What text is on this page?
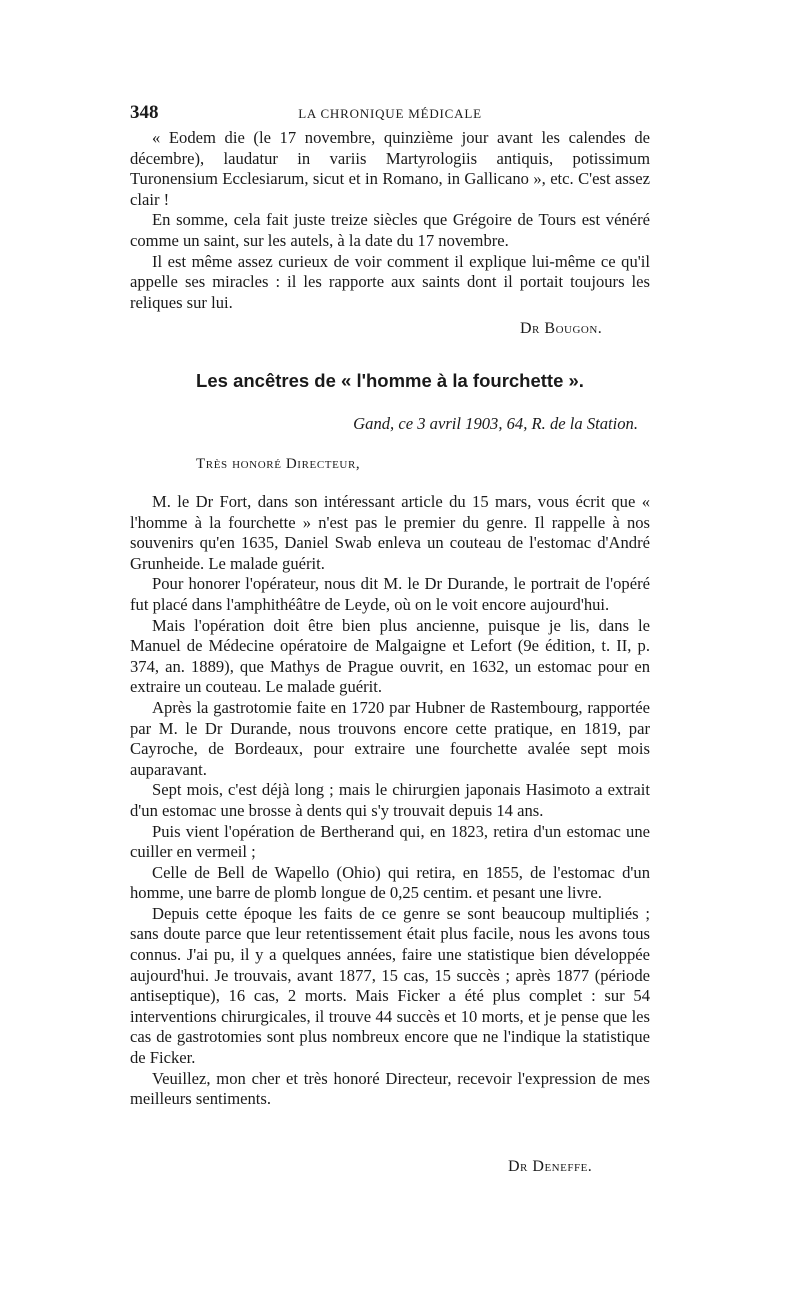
348	LA CHRONIQUE MÉDICALE

« Eodem die (le 17 novembre, quinzième jour avant les calendes de décembre), laudatur in variis Martyrologiis antiquis, potissimum Turonensium Ecclesiarum, sicut et in Romano, in Gallicano », etc. C'est assez clair !

En somme, cela fait juste treize siècles que Grégoire de Tours est vénéré comme un saint, sur les autels, à la date du 17 novembre.

Il est même assez curieux de voir comment il explique lui-même ce qu'il appelle ses miracles : il les rapporte aux saints dont il portait toujours les reliques sur lui.

Dr Bougon.
Les ancêtres de « l'homme à la fourchette ».
Gand, ce 3 avril 1903, 64, R. de la Station.
Très honoré Directeur,

M. le Dr Fort, dans son intéressant article du 15 mars, vous écrit que « l'homme à la fourchette » n'est pas le premier du genre. Il rappelle à nos souvenirs qu'en 1635, Daniel Swab enleva un couteau de l'estomac d'André Grunheide. Le malade guérit.

Pour honorer l'opérateur, nous dit M. le Dr Durande, le portrait de l'opéré fut placé dans l'amphithéâtre de Leyde, où on le voit encore aujourd'hui.

Mais l'opération doit être bien plus ancienne, puisque je lis, dans le Manuel de Médecine opératoire de Malgaigne et Lefort (9e édition, t. II, p. 374, an. 1889), que Mathys de Prague ouvrit, en 1632, un estomac pour en extraire un couteau. Le malade guérit.

Après la gastrotomie faite en 1720 par Hubner de Rastembourg, rapportée par M. le Dr Durande, nous trouvons encore cette pratique, en 1819, par Cayroche, de Bordeaux, pour extraire une fourchette avalée sept mois auparavant.

Sept mois, c'est déjà long ; mais le chirurgien japonais Hasimoto a extrait d'un estomac une brosse à dents qui s'y trouvait depuis 14 ans.

Puis vient l'opération de Bertherand qui, en 1823, retira d'un estomac une cuiller en vermeil ;

Celle de Bell de Wapello (Ohio) qui retira, en 1855, de l'estomac d'un homme, une barre de plomb longue de 0,25 centim. et pesant une livre.

Depuis cette époque les faits de ce genre se sont beaucoup multipliés ; sans doute parce que leur retentissement était plus facile, nous les avons tous connus. J'ai pu, il y a quelques années, faire une statistique bien développée aujourd'hui. Je trouvais, avant 1877, 15 cas, 15 succès ; après 1877 (période antiseptique), 16 cas, 2 morts. Mais Ficker a été plus complet : sur 54 interventions chirurgicales, il trouve 44 succès et 10 morts, et je pense que les cas de gastrotomies sont plus nombreux encore que ne l'indique la statistique de Ficker.

Veuillez, mon cher et très honoré Directeur, recevoir l'expression de mes meilleurs sentiments.

Dr Deneffe.
